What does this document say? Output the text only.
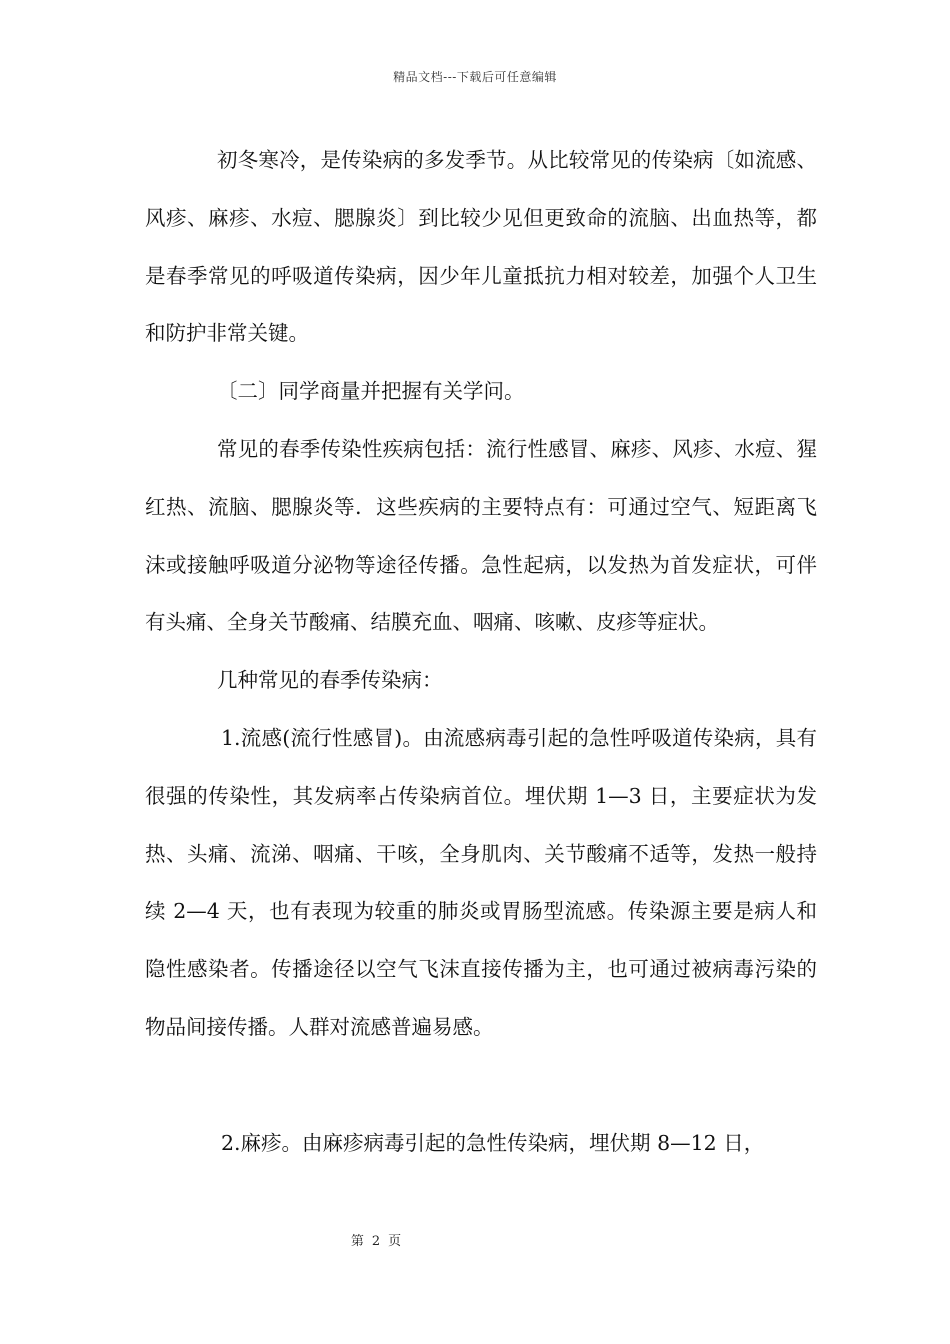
精品文档---下载后可任意编辑

初冬寒冷，是传染病的多发季节。从比较常见的传染病〔如流感、风疹、麻疹、水痘、腮腺炎〕到比较少见但更致命的流脑、出血热等，都是春季常见的呼吸道传染病，因少年儿童抵抗力相对较差，加强个人卫生和防护非常关键。

〔二〕同学商量并把握有关学问。

常见的春季传染性疾病包括：流行性感冒、麻疹、风疹、水痘、猩红热、流脑、腮腺炎等．这些疾病的主要特点有：可通过空气、短距离飞沫或接触呼吸道分泌物等途径传播。急性起病，以发热为首发症状，可伴有头痛、全身关节酸痛、结膜充血、咽痛、咳嗽、皮疹等症状。

几种常见的春季传染病：

1.流感(流行性感冒)。由流感病毒引起的急性呼吸道传染病，具有很强的传染性，其发病率占传染病首位。埋伏期 1—3 日，主要症状为发热、头痛、流涕、咽痛、干咳，全身肌肉、关节酸痛不适等，发热一般持续 2—4 天，也有表现为较重的肺炎或胃肠型流感。传染源主要是病人和隐性感染者。传播途径以空气飞沫直接传播为主，也可通过被病毒污染的物品间接传播。人群对流感普遍易感。

2.麻疹。由麻疹病毒引起的急性传染病，埋伏期 8—12 日，

第 2 页
